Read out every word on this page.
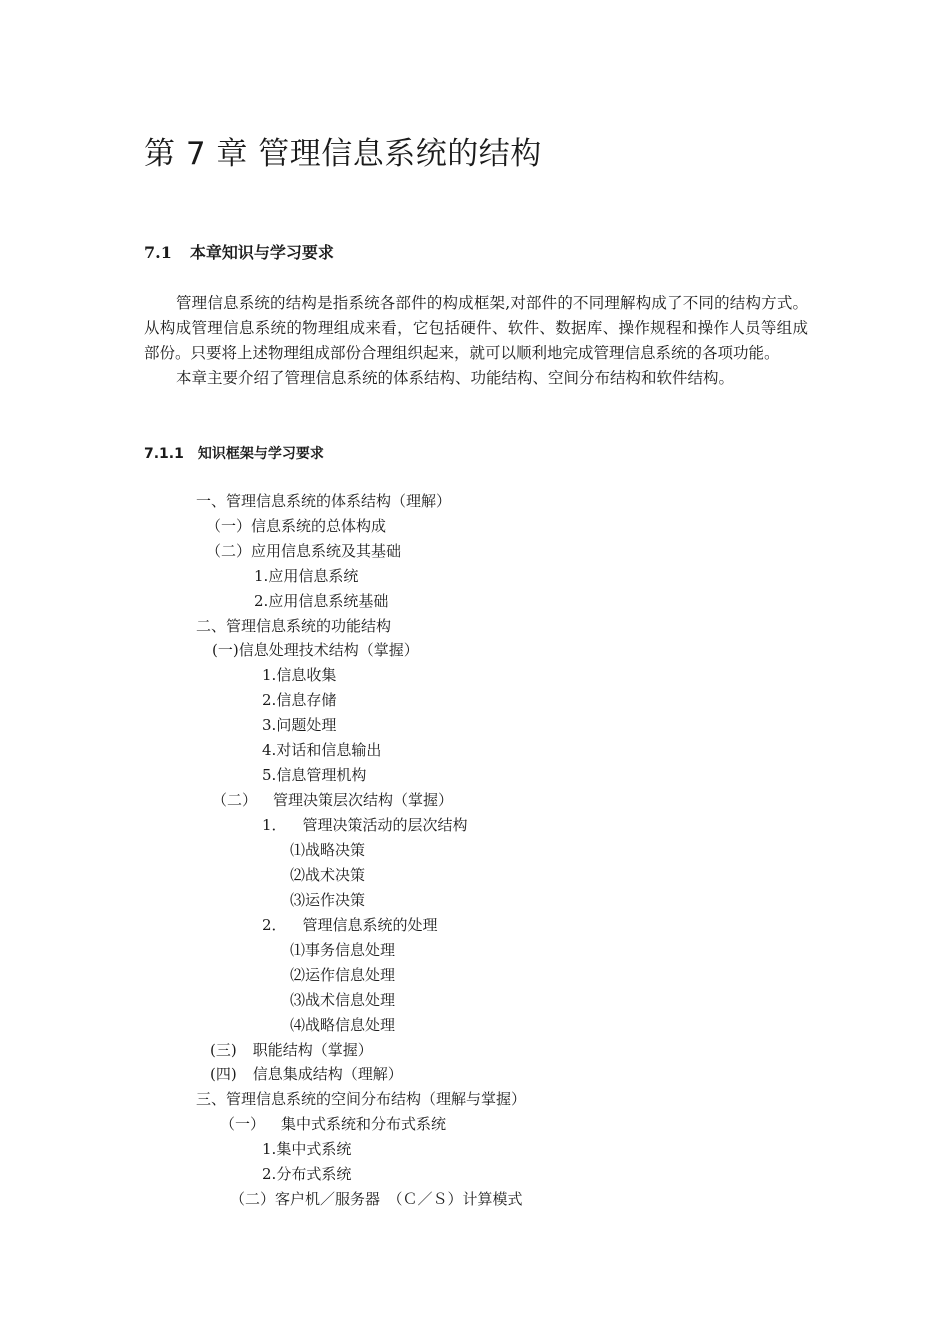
第 7 章 管理信息系统的结构
7.1 本章知识与学习要求

管理信息系统的结构是指系统各部件的构成框架,对部件的不同理解构成了不同的结构方式。从构成管理信息系统的物理组成来看，它包括硬件、软件、数据库、操作规程和操作人员等组成部份。只要将上述物理组成部份合理组织起来，就可以顺利地完成管理信息系统的各项功能。

本章主要介绍了管理信息系统的体系结构、功能结构、空间分布结构和软件结构。

7.1.1 知识框架与学习要求
一、管理信息系统的体系结构（理解）
（一）信息系统的总体构成
（二）应用信息系统及其基础
1.应用信息系统
2.应用信息系统基础
二、管理信息系统的功能结构
(一)信息处理技术结构（掌握）
1.信息收集
2.信息存储
3.问题处理
4.对话和信息输出
5.信息管理机构
（二） 管理决策层次结构（掌握）
1． 管理决策活动的层次结构
⑴战略决策
⑵战术决策
⑶运作决策
2． 管理信息系统的处理
⑴事务信息处理
⑵运作信息处理
⑶战术信息处理
⑷战略信息处理
(三) 职能结构（掌握）
(四) 信息集成结构（理解）
三、管理信息系统的空间分布结构（理解与掌握）
（一） 集中式系统和分布式系统
1.集中式系统
2.分布式系统
（二）客户机／服务器　（Ｃ／Ｓ）计算模式
